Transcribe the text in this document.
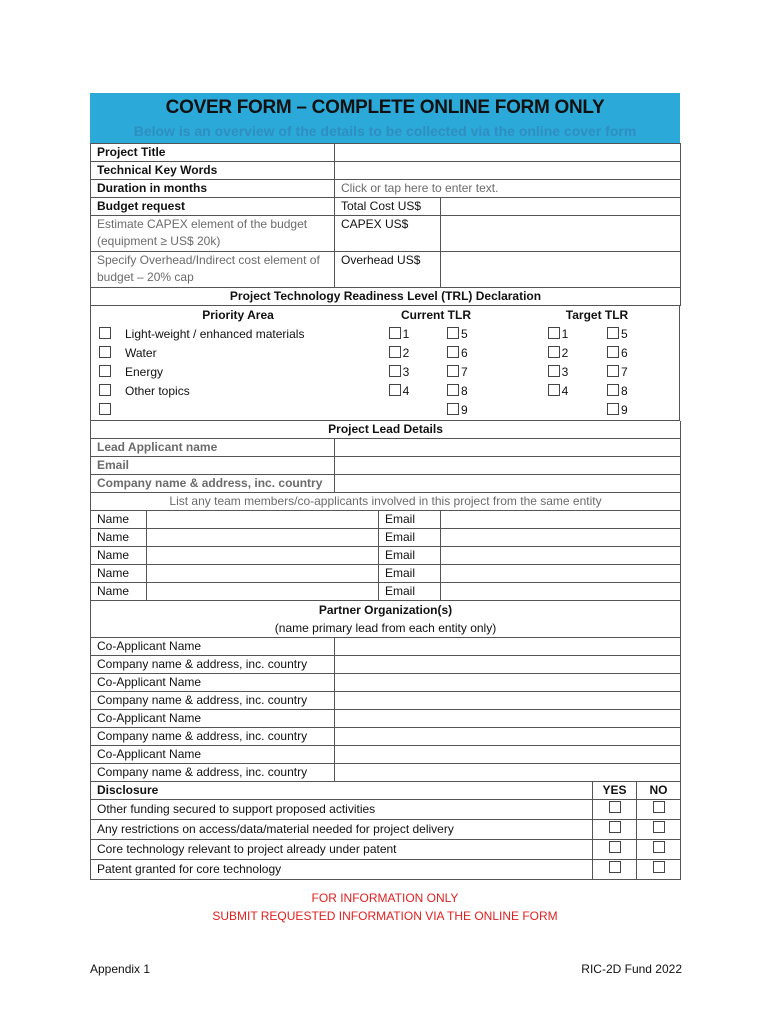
COVER FORM – COMPLETE ONLINE FORM ONLY
Below is an overview of the details to be collected via the online cover form
Project Title		
Technical Key Words		
Duration in months	Click or tap here to enter text.	
Budget request	Total Cost US$	
Estimate CAPEX element of the budget (equipment ≥ US$ 20k)	CAPEX US$	
Specify Overhead/Indirect cost element of budget – 20% cap	Overhead US$	
Project Technology Readiness Level (TRL) Declaration		
	Priority Area	Current TLR		Target TLR	
	Light-weight / enhanced materials	1	5	1	5
	Water	2	6	2	6
	Energy	3	7	3	7
	Other topics	4	8	4	8
			9		9
Project Lead Details	
Lead Applicant name	
Email	
Company name & address, inc. country	
List any team members/co-applicants involved in this project from the same entity	
Name		Email	
Name		Email	
Name		Email	
Name		Email	
Name		Email	
Partner Organization(s)
(name primary lead from each entity only)	

Co-Applicant Name	
Company name & address, inc. country	
Co-Applicant Name	
Company name & address, inc. country	
Co-Applicant Name	
Company name & address, inc. country	
Co-Applicant Name	
Company name & address, inc. country	
Disclosure	YES	NO
Other funding secured to support proposed activities		
Any restrictions on access/data/material needed for project delivery		
Core technology relevant to project already under patent		
Patent granted for core technology		
FOR INFORMATION ONLY
SUBMIT REQUESTED INFORMATION VIA THE ONLINE FORM
Appendix 1	RIC-2D Fund 2022
